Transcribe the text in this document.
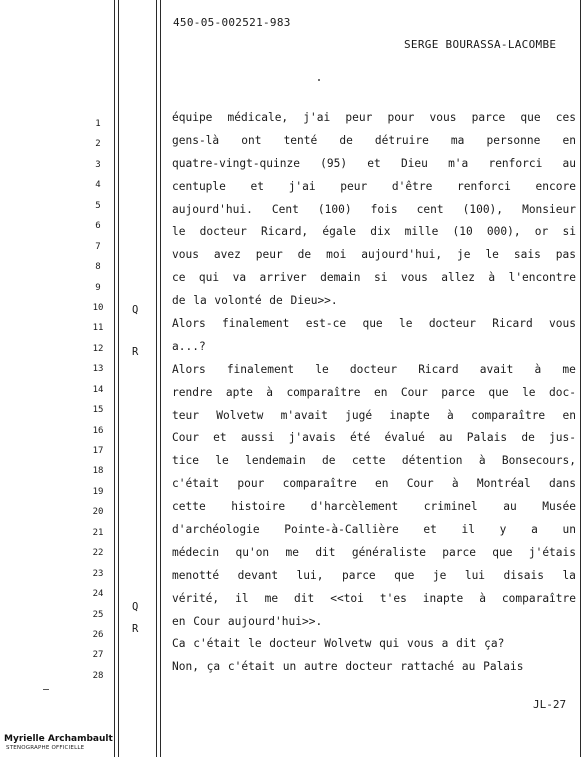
450-05-002521-983
SERGE BOURASSA-LACOMBE
1
2
3
4
5
6
7
8
9
10
11
12
13
14
15
16
17
18
19
20
21
22
23
24
25
26
27
28
Q
R
Q
R
équipe médicale, j'ai peur pour vous parce que ces
gens-là ont tenté de détruire ma personne en
quatre-vingt-quinze (95) et Dieu m'a renforci au
centuple et j'ai peur d'être renforci encore
aujourd'hui. Cent (100) fois cent (100), Monsieur
le docteur Ricard, égale dix mille (10 000), or si
vous avez peur de moi aujourd'hui, je le sais pas
ce qui va arriver demain si vous allez à l'encontre
de la volonté de Dieu>>.
Alors finalement est-ce que le docteur Ricard vous
a...?
Alors finalement le docteur Ricard avait à me
rendre apte à comparaître en Cour parce que le doc-
teur Wolvetw m'avait jugé inapte à comparaître en
Cour et aussi j'avais été évalué au Palais de jus-
tice le lendemain de cette détention à Bonsecours,
c'était pour comparaître en Cour à Montréal dans
cette histoire d'harcèlement criminel au Musée
d'archéologie Pointe-à-Callière et il y a un
médecin qu'on me dit généraliste parce que j'étais
menotté devant lui, parce que je lui disais la
vérité, il me dit <<toi t'es inapte à comparaître
en Cour aujourd'hui>>.
Ca c'était le docteur Wolvetw qui vous a dit ça?
Non, ça c'était un autre docteur rattaché au Palais
JL-27
Myrielle Archambault
STENOGRAPHE OFFICIELLE
